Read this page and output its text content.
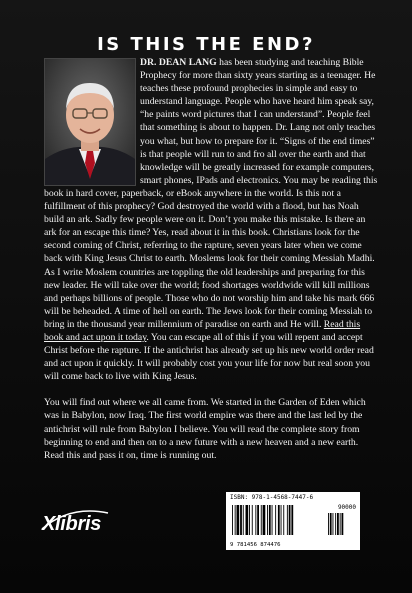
IS THIS THE END?

DR. DEAN LANG has been studying and teaching Bible Prophecy for more than sixty years starting as a teenager. He teaches these profound prophecies in simple and easy to understand language. People who have heard him speak say, “he paints word pictures that I can understand”. People feel that something is about to happen. Dr. Lang not only teaches you what, but how to prepare for it. “Signs of the end times” is that people will run to and fro all over the earth and that knowledge will be greatly increased for example computers, smart phones, IPads and electronics. You may be reading this book in hard cover, paperback, or eBook anywhere in the world. Is this not a fulfillment of this prophecy? God destroyed the world with a flood, but has Noah build an ark. Sadly few people were on it. Don’t you make this mistake. Is there an ark for an escape this time? Yes, read about it in this book. Christians look for the second coming of Christ, referring to the rapture, seven years later when we come back with King Jesus Christ to earth. Moslems look for their coming Messiah Madhi. As I write Moslem countries are toppling the old leaderships and preparing for this new leader. He will take over the world; food shortages worldwide will kill millions and perhaps billions of people. Those who do not worship him and take his mark 666 will be beheaded. A time of hell on earth. The Jews look for their coming Messiah to bring in the thousand year millennium of paradise on earth and He will. Read this book and act upon it today. You can escape all of this if you will repent and accept Christ before the rapture. If the antichrist has already set up his new world order read and act upon it quickly. It will probably cost you your life for now but real soon you will come back to live with King Jesus.

You will find out where we all came from. We started in the Garden of Eden which was in Babylon, now Iraq. The first world empire was there and the last led by the antichrist will rule from Babylon I believe. You will read the complete story from beginning to end and then on to a new future with a new heaven and a new earth. Read this and pass it on, time is running out.

Xlibris
ISBN: 978-1-4568-7447-6
90000
9 781456 874476
